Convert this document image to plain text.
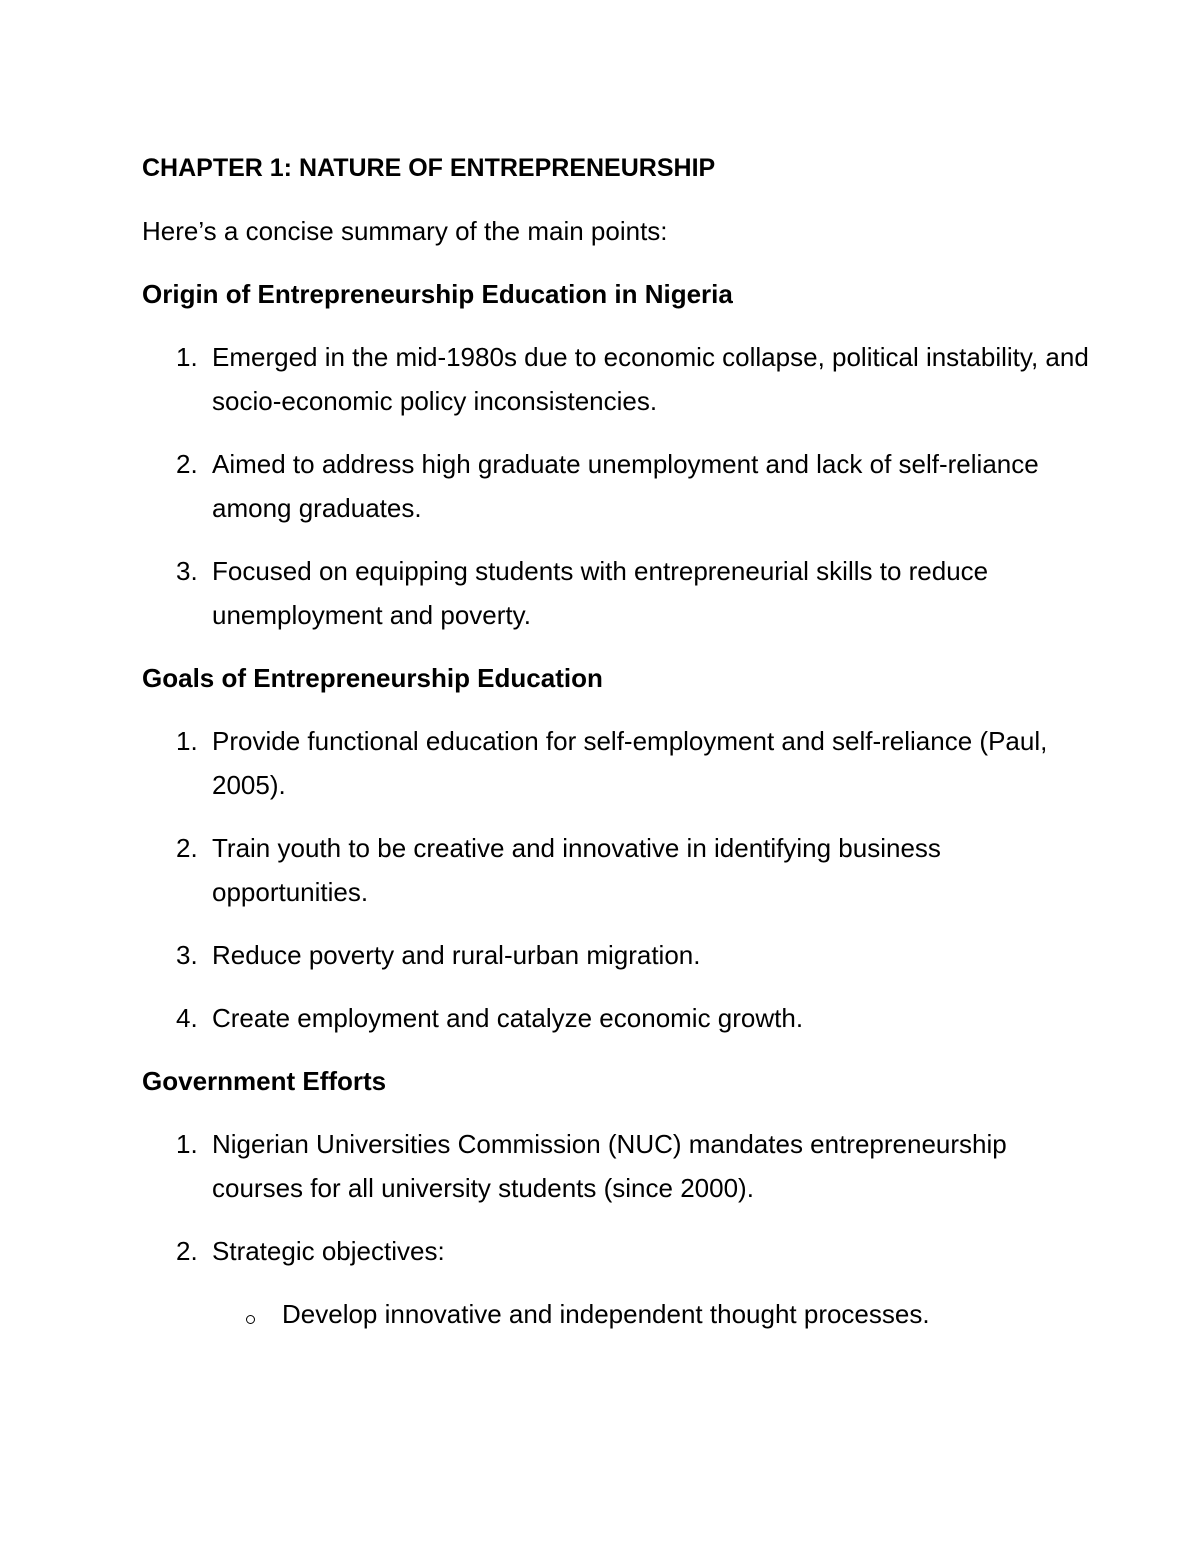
CHAPTER 1: NATURE OF ENTREPRENEURSHIP
Here’s a concise summary of the main points:
Origin of Entrepreneurship Education in Nigeria
1. Emerged in the mid-1980s due to economic collapse, political instability, and socio-economic policy inconsistencies.
2. Aimed to address high graduate unemployment and lack of self-reliance among graduates.
3. Focused on equipping students with entrepreneurial skills to reduce unemployment and poverty.
Goals of Entrepreneurship Education
1. Provide functional education for self-employment and self-reliance (Paul, 2005).
2. Train youth to be creative and innovative in identifying business opportunities.
3. Reduce poverty and rural-urban migration.
4. Create employment and catalyze economic growth.
Government Efforts
1. Nigerian Universities Commission (NUC) mandates entrepreneurship courses for all university students (since 2000).
2. Strategic objectives:
Develop innovative and independent thought processes.
